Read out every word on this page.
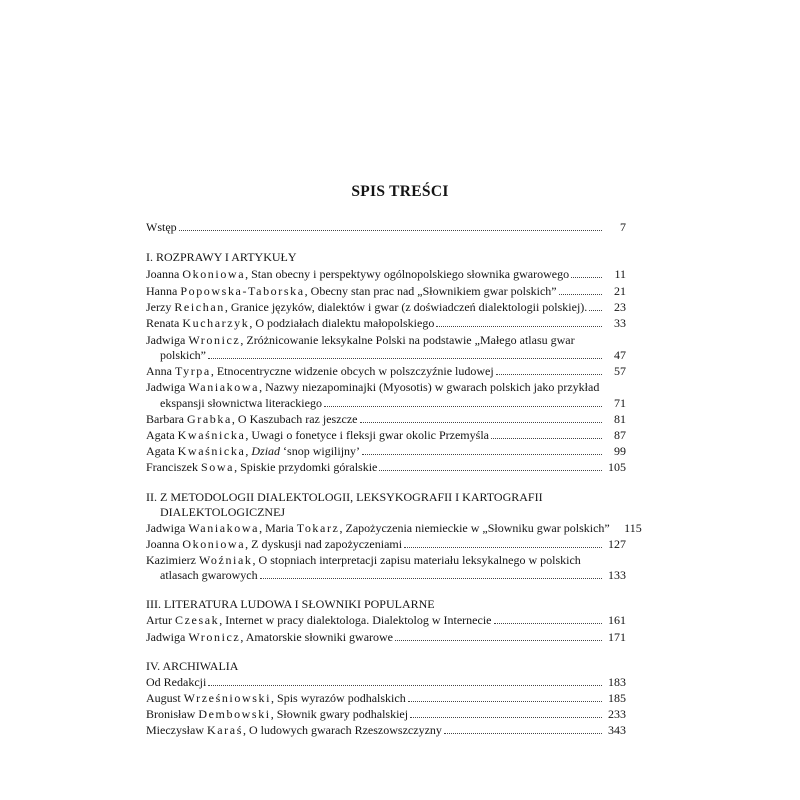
SPIS TREŚCI
Wstęp	7
I. ROZPRAWY I ARTYKUŁY
Joanna Okoniowa, Stan obecny i perspektywy ogólnopolskiego słownika gwarowego	11
Hanna Popowska-Taborska, Obecny stan prac nad „Słownikiem gwar polskich”	21
Jerzy Reichan, Granice języków, dialektów i gwar (z doświadczeń dialektologii polskiej).	23
Renata Kucharzyk, O podziałach dialektu małopolskiego	33
Jadwiga Wronicz, Zróżnicowanie leksykalne Polski na podstawie „Małego atlasu gwar
polskich”	47
Anna Tyrpa, Etnocentryczne widzenie obcych w polszczyźnie ludowej	57
Jadwiga Waniakowa, Nazwy niezapominajki (Myosotis) w gwarach polskich jako przykład
ekspansji słownictwa literackiego	71
Barbara Grabka, O Kaszubach raz jeszcze	81
Agata Kwaśnicka, Uwagi o fonetyce i fleksji gwar okolic Przemyśla	87
Agata Kwaśnicka, Dziad ‘snop wigilijny’	99
Franciszek Sowa, Spiskie przydomki góralskie	105
II. Z METODOLOGII DIALEKTOLOGII, LEKSYKOGRAFII I KARTOGRAFII
DIALEKTOLOGICZNEJ
Jadwiga Waniakowa, Maria Tokarz, Zapożyczenia niemieckie w „Słowniku gwar polskich”	115
Joanna Okoniowa, Z dyskusji nad zapożyczeniami	127
Kazimierz Woźniak, O stopniach interpretacji zapisu materiału leksykalnego w polskich
atlasach gwarowych	133
III. LITERATURA LUDOWA I SŁOWNIKI POPULARNE
Artur Czesak, Internet w pracy dialektologa. Dialektolog w Internecie	161
Jadwiga Wronicz, Amatorskie słowniki gwarowe	171
IV. ARCHIWALIA
Od Redakcji	183
August Wrześniowski, Spis wyrazów podhalskich	185
Bronisław Dembowski, Słownik gwary podhalskiej	233
Mieczysław Karaś, O ludowych gwarach Rzeszowszczyzny	343
